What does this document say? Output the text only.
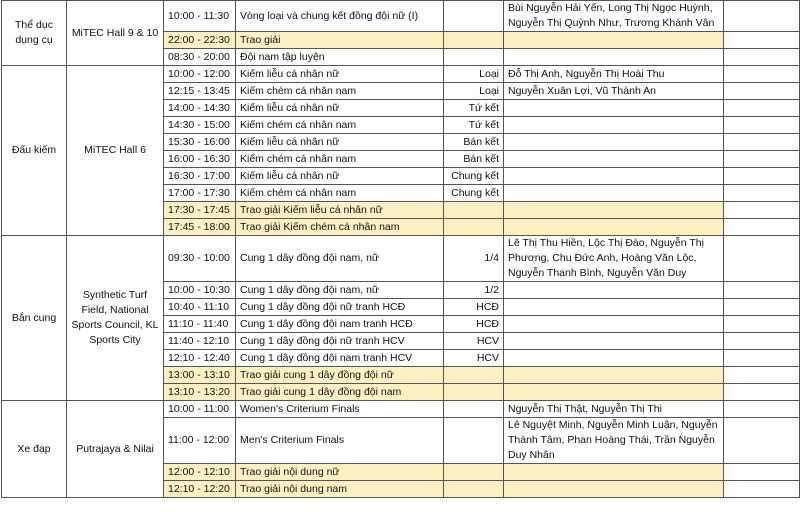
Thể dục dụng cụ	MiTEC Hall 9 & 10	10:00 - 11:30	Vòng loại và chung kết đồng đội nữ (I)		Bùi Nguyễn Hải Yến, Long Thị Ngọc Huỳnh, Nguyễn Thị Quỳnh Như, Trương Khánh Vân	
		22:00 - 22:30	Trao giải			
		08:30 - 20:00	Đội nam tập luyện			
Đấu kiếm	MiTEC Hall 6	10:00 - 12:00	Kiếm liễu cá nhân nữ	Loại	Đỗ Thị Anh, Nguyễn Thị Hoài Thu	
		12:15 - 13:45	Kiếm chém cá nhân nam	Loại	Nguyễn Xuân Lợi, Vũ Thành An	
		14:00 - 14:30	Kiếm liễu cá nhân nữ	Tứ kết		
		14:30 - 15:00	Kiếm chém cá nhân nam	Tứ kết		
		15:30 - 16:00	Kiếm liễu cá nhân nữ	Bán kết		
		16:00 - 16:30	Kiếm chém cá nhân nam	Bán kết		
		16:30 - 17:00	Kiếm liễu cá nhân nữ	Chung kết		
		17:00 - 17:30	Kiếm chém cá nhân nam	Chung kết		
		17:30 - 17:45	Trao giải Kiếm liễu cá nhân nữ			
		17:45 - 18:00	Trao giải Kiếm chém cá nhân nam			
Bắn cung	Synthetic Turf Field, National Sports Council, KL Sports City	09:30 - 10:00	Cung 1 dây đồng đội nam, nữ	1/4	Lê Thị Thu Hiền, Lộc Thị Đào, Nguyễn Thị Phương, Chu Đức Anh, Hoàng Văn Lộc, Nguyễn Thanh Bình, Nguyễn Văn Duy	
		10:00 - 10:30	Cung 1 dây đồng đội nam, nữ	1/2		
		10:40 - 11:10	Cung 1 dây đồng đội nữ tranh HCĐ	HCĐ		
		11:10 - 11:40	Cung 1 dây đồng đội nam tranh HCĐ	HCĐ		
		11:40 - 12:10	Cung 1 dây đồng đội nữ tranh HCV	HCV		
		12:10 - 12:40	Cung 1 dây đồng đội nam tranh HCV	HCV		
		13:00 - 13:10	Trao giải cung 1 dây đồng đội nữ			
		13:10 - 13:20	Trao giải cung 1 dây đồng đội nam			
Xe đạp	Putrajaya & Nilai	10:00 - 11:00	Women's Criterium Finals		Nguyễn Thị Thật, Nguyễn Thị Thi	
		11:00 - 12:00	Men's Criterium Finals		Lê Nguyệt Minh, Nguyễn Minh Luận, Nguyễn Thành Tâm, Phan Hoàng Thái, Trần Nguyễn Duy Nhân	
		12:00 - 12:10	Trao giải nội dung nữ			
		12:10 - 12:20	Trao giải nội dung nam			
